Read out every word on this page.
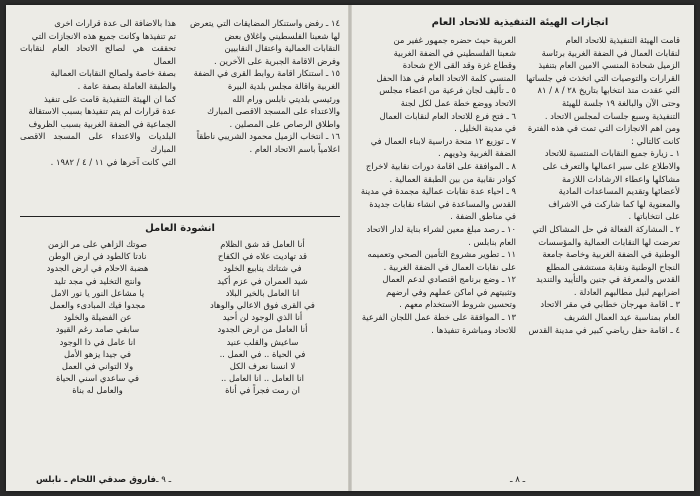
١٤ ـ رفض واستنكار المضايقات التي يتعرض

لها شعبنا الفلسطيني واغلاق بعض

النقابات العمالية واعتقال النقابيين

وفرض الاقامة الجبرية على الآخرين .

١٥ ـ استنكار اقامة روابط القرى في الضفة

الغربية واقالة مجلس بلدية البيرة

ورئيسي بلديتي نابلس ورام الله

والاعتداء على المسجد الاقصى المبارك

واطلاق الرصاص على المصلين .

١٦ ـ انتخاب الزميل محمود الشريبي ناطقاً

اعلامياً باسم الاتحاد العام .

هذا بالاضافة الى عدة قرارات اخرى

تم تنفيذها وكانت جميع هذه الانجازات التي

تحققت هي لصالح الاتحاد العام لنقابات العمال

بصفة خاصة ولصالح النقابات العمالية

والطبقة العاملة بصفة عامة .

كما ان الهيئة التنفيذية قامت على تنفيذ

عدة قرارات لم يتم تنفيذها بسبب الاستقالة

الجماعية في الضفة الغربية بسبب الظروف

البلديات والاعتداء على المسجد الاقصى المبارك

التي كانت آخرها في ١١ / ٤ / ١٩٨٢ .

انشودة العامل
أنا العامل قد شق الظلام
قد تهاديت علاه في الكفاح
في شتاتك ينابيع الخلود
شيد العمران في عزم أكيد
انا العامل بالخير البلاد
في القرى فوق الاعالي والوهاد
أنا الذي الوجود لن أحيد
أنا العامل من ارض الجدود
ساعيش والقلب عنيد
في الحياة .. في العمل ..
لا انسنا نعرف الكل
انا العامل .. انا العامل ..
ان رمت فجراً في أناة
صوتك الزاهي على مر الزمن
نادتا كالطود في ارض الوطن
هضبة الاحلام في ارض الجدود
وانتج التخليد في مجد تليد
يا مشاعل النور يا نور الامل
مجدوا فيك المبادىء والعمل
عن الفضيلة والخلود
سابقي صامد رغم القيود
انا عامل في ذا الوجود
في جيدا يزهو الأمل
ولا التواني في العمل
في ساعدي اسني الحياة
والعامل له بناة
فاروق صدقي اللحام ـ نابلس ـ ٩ ـ
انجازات الهيئة التنفيذية للاتحاد العام

قامت الهيئة التنفيذية للاتحاد العام

لنقابات العمال في الضفة الغربية برئاسة

الزميل شحادة المنسي الامين العام بتنفيذ

القرارات والتوصيات التي اتخذت في جلساتها

التي عقدت منذ انتخابها بتاريخ ٢٨ / ٨ / ٨١

وحتى الآن والبالغة ١٩ جلسة للهيئة

التنفيذية وسبع جلسات لمجلس الاتحاد .

ومن اهم الانجازات التي تمت في هذه الفترة

كانت كالتالي :

١ ـ زيارة جميع النقابات المنتسبة للاتحاد

والاطلاع على سير اعمالها والتعرف على

مشاكلها واعطاء الارشادات اللازمة

لأعضائها وتقديم المساعدات المادية

والمعنوية لها كما شاركت في الاشراف

على انتخاباتها .

٢ ـ المشاركة الفعالة في حل المشاكل التي

تعرضت لها النقابات العمالية والمؤسسات

الوطنية في الضفة الغربية وخاصة جامعة

النجاح الوطنية ونقابة مستشفى المطلع

القدس والمعرفة في جنين والتأييد والتنديد

اضرابهم لنيل مطالبهم العادلة .

٣ ـ اقامة مهرجان خطابي في مقر الاتحاد

العام بمناسبة عيد العمال الشريف

٤ ـ اقامة حفل رياضي كبير في مدينة القدس

العربية حيث حضره جمهور غفير من

شعبنا الفلسطيني في الضفة الغربية

وقطاع غزة وقد القى الاخ شحادة

المنسي كلمة الاتحاد العام في هذا الحفل

٥ ـ تأليف لجان فرعية من اعضاء مجلس

الاتحاد ووضع خطة عمل لكل لجنة

٦ ـ فتح فرع للاتحاد العام لنقابات العمال

في مدينة الخليل .

٧ ـ توزيع ١٢ منحة دراسية لابناء العمال في

الضفة الغربية وذويهم .

٨ ـ الموافقة على اقامة دورات نقابية لاخراج

كوادر نقابية من بين الطبقة العمالية .

٩ ـ احياء عدة نقابات عمالية مجمدة في مدينة

القدس والمساعدة في انشاء نقابات جديدة

في مناطق الضفة .

١٠ ـ رصد مبلغ معين لشراء بناية لدار الاتحاد

العام بنابلس .

١١ ـ تطوير مشروع التأمين الصحي وتعميمه

على نقابات العمال في الضفة الغربية .

١٢ ـ وضع برنامج اقتصادي لدعم العمال

وتثبيتهم في اماكن عملهم وفي ارضهم

وتحسين شروط الاستخدام معهم .

١٣ ـ الموافقة على خطة عمل اللجان الفرعية

للاتحاد ومباشرة تنفيذها .

ـ ٨ ـ
